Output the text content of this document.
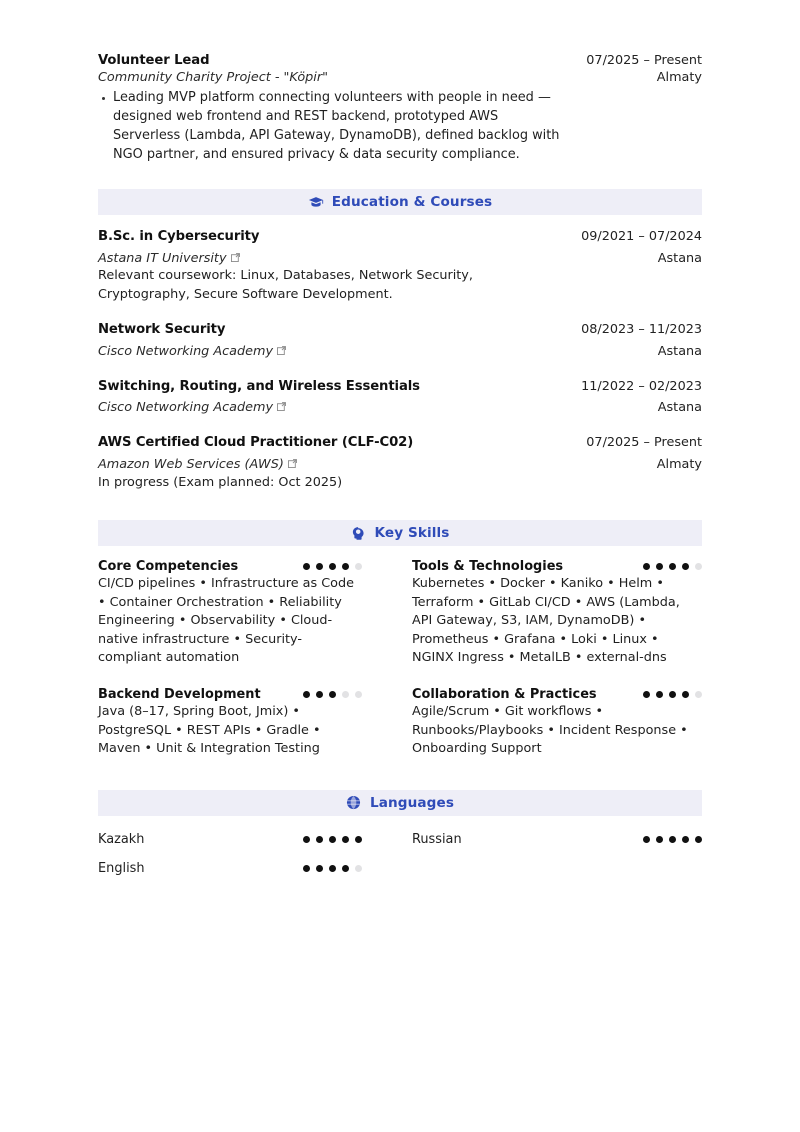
Volunteer Lead	07/2025 – Present
Community Charity Project - "Köpir"	Almaty
Leading MVP platform connecting volunteers with people in need — designed web frontend and REST backend, prototyped AWS Serverless (Lambda, API Gateway, DynamoDB), defined backlog with NGO partner, and ensured privacy & data security compliance.
Education & Courses
B.Sc. in Cybersecurity	09/2021 – 07/2024
Astana IT University	Astana
Relevant coursework: Linux, Databases, Network Security, Cryptography, Secure Software Development.
Network Security	08/2023 – 11/2023
Cisco Networking Academy	Astana
Switching, Routing, and Wireless Essentials	11/2022 – 02/2023
Cisco Networking Academy	Astana
AWS Certified Cloud Practitioner (CLF-C02)	07/2025 – Present
Amazon Web Services (AWS)	Almaty
In progress (Exam planned: Oct 2025)
Key Skills
Core Competencies
CI/CD pipelines • Infrastructure as Code • Container Orchestration • Reliability Engineering • Observability • Cloud-native infrastructure • Security-compliant automation
Tools & Technologies
Kubernetes • Docker • Kaniko • Helm • Terraform • GitLab CI/CD • AWS (Lambda, API Gateway, S3, IAM, DynamoDB) • Prometheus • Grafana • Loki • Linux • NGINX Ingress • MetalLB • external-dns
Backend Development
Java (8–17, Spring Boot, Jmix) • PostgreSQL • REST APIs • Gradle • Maven • Unit & Integration Testing
Collaboration & Practices
Agile/Scrum • Git workflows • Runbooks/Playbooks • Incident Response • Onboarding Support
Languages
Kazakh
English
Russian
